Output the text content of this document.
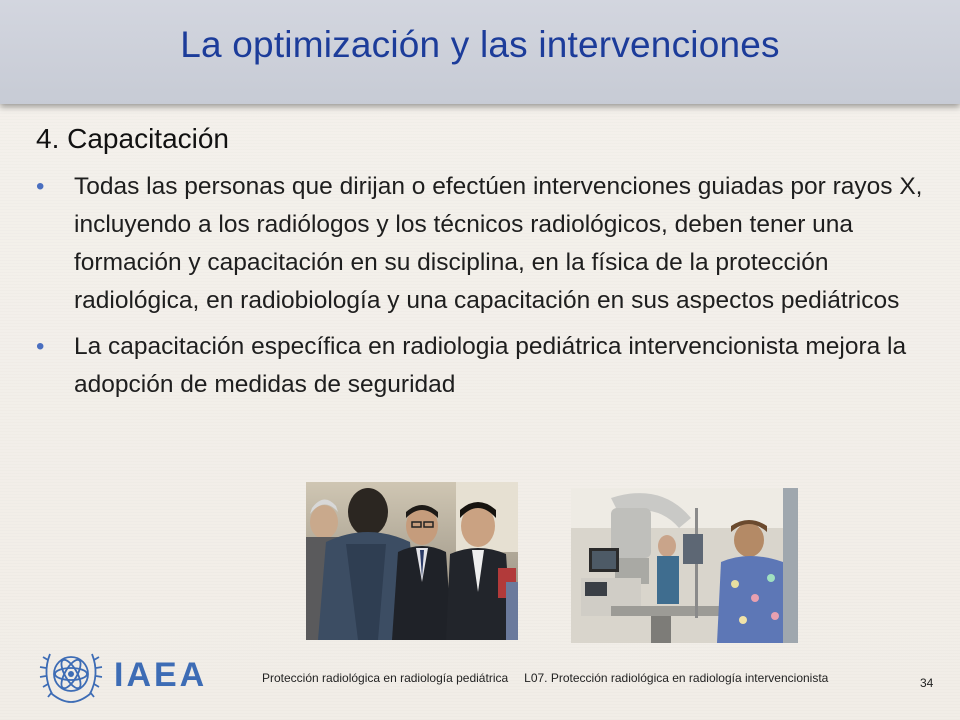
La optimización y las intervenciones
4. Capacitación
•	Todas las personas que dirijan o efectúen intervenciones guiadas por rayos X, incluyendo a los radiólogos y los técnicos radiológicos, deben tener una formación y capacitación en su disciplina, en la física de la protección radiológica, en radiobiología y una capacitación en sus aspectos pediátricos
•	La capacitación específica en radiologia pediátrica intervencionista mejora la adopción de medidas de seguridad
IAEA	Protección radiológica en radiología pediátrica L07. Protección radiológica en radiología intervencionista	34
